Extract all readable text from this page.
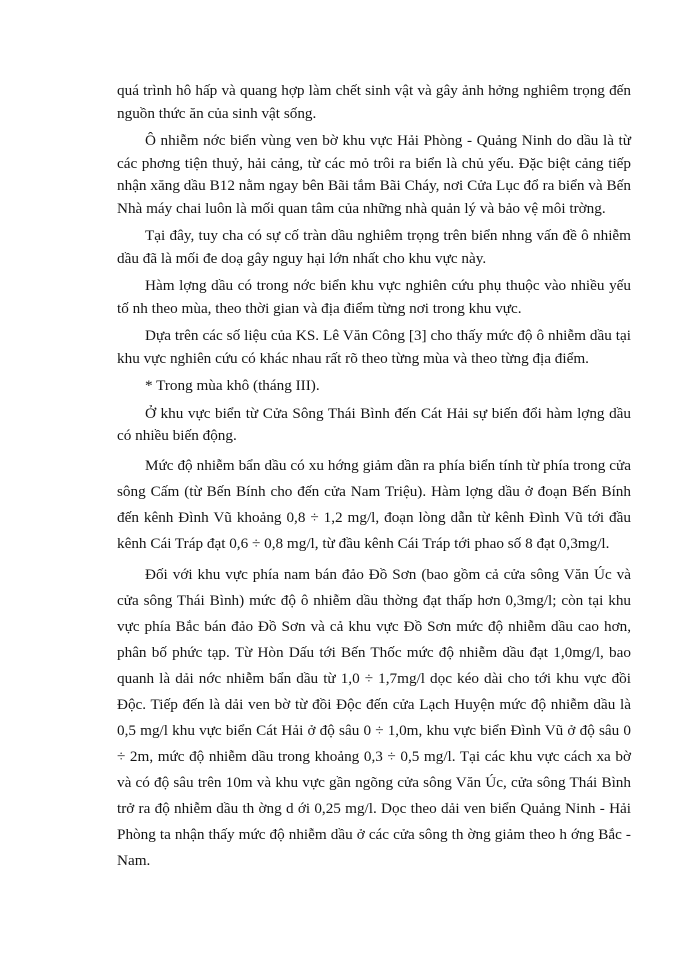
quá trình hô hấp và quang hợp làm chết sinh vật và gây ảnh hởng nghiêm trọng đến nguồn thức ăn của sinh vật sống.

Ô nhiễm nớc biển vùng ven bờ khu vực Hải Phòng - Quảng Ninh do dầu là từ các phơng tiện thuỷ, hải cảng, từ các mỏ trôi ra biển là chủ yếu. Đặc biệt cảng tiếp nhận xăng dầu B12 nằm ngay bên Bãi tắm Bãi Cháy, nơi Cửa Lục đổ ra biển và Bến Nhà máy chai luôn là mối quan tâm của những nhà quản lý và bảo vệ môi trờng.

Tại đây, tuy cha có sự cố tràn dầu nghiêm trọng trên biển nhng vấn đề ô nhiễm dầu đã là mối đe doạ gây nguy hại lớn nhất cho khu vực này.

Hàm lợng dầu có trong nớc biển khu vực nghiên cứu phụ thuộc vào nhiều yếu tố nh theo mùa, theo thời gian và địa điểm từng nơi trong khu vực.

Dựa trên các số liệu của KS. Lê Văn Công [3] cho thấy mức độ ô nhiễm dầu tại khu vực nghiên cứu có khác nhau rất rõ theo từng mùa và theo từng địa điểm.

* Trong mùa khô (tháng III).

Ở khu vực biển từ Cửa Sông Thái Bình đến Cát Hải sự biến đổi hàm lợng dầu có nhiều biến động.

Mức độ nhiễm bẩn dầu có xu hớng giảm dần ra phía biển tính từ phía trong cửa sông Cấm (từ Bến Bính cho đến cửa Nam Triệu). Hàm lợng dầu ở đoạn Bến Bính đến kênh Đình Vũ khoảng 0,8 ÷ 1,2 mg/l, đoạn lòng dẫn từ kênh Đình Vũ tới đầu kênh Cái Tráp đạt 0,6 ÷ 0,8 mg/l, từ đầu kênh Cái Tráp tới phao số 8 đạt 0,3mg/l.

Đối với khu vực phía nam bán đảo Đồ Sơn (bao gồm cả cửa sông Văn Úc và cửa sông Thái Bình) mức độ ô nhiễm dầu thờng đạt thấp hơn 0,3mg/l; còn tại khu vực phía Bắc bán đảo Đồ Sơn và cả khu vực Đồ Sơn mức độ nhiễm dầu cao hơn, phân bố phức tạp. Từ Hòn Dấu tới Bến Thốc mức độ nhiễm dầu đạt 1,0mg/l, bao quanh là dải nớc nhiễm bẩn dầu từ 1,0 ÷ 1,7mg/l dọc kéo dài cho tới khu vực đồi Độc. Tiếp đến là dải ven bờ từ đồi Độc đến cửa Lạch Huyện mức độ nhiễm dầu là 0,5 mg/l khu vực biển Cát Hải ở độ sâu 0 ÷ 1,0m, khu vực biển Đình Vũ ở độ sâu 0 ÷ 2m, mức độ nhiễm dầu trong khoảng 0,3 ÷ 0,5 mg/l. Tại các khu vực cách xa bờ và có độ sâu trên 10m và khu vực gần ngõng cửa sông Văn Úc, cửa sông Thái Bình trở ra độ nhiễm dầu th ờng d ới 0,25 mg/l. Dọc theo dải ven biển Quảng Ninh - Hải Phòng ta nhận thấy mức độ nhiễm dầu ở các cửa sông th ờng giảm theo h ớng Bắc - Nam.
